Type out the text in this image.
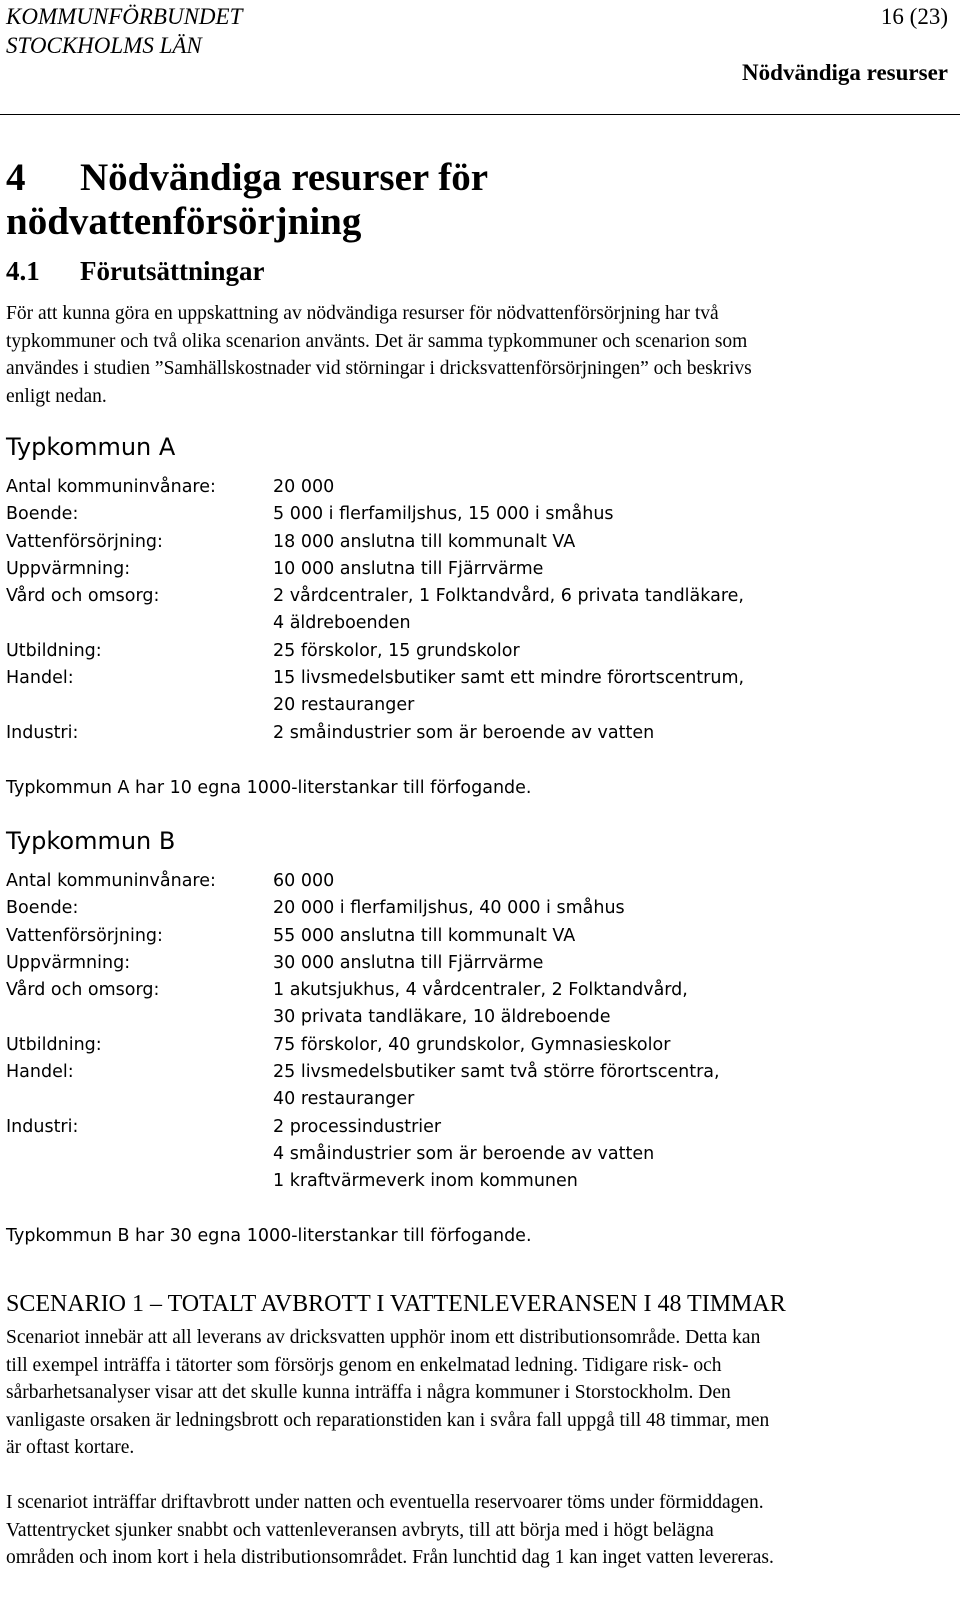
KOMMUNFÖRBUNDET
STOCKHOLMS LÄN
16 (23)
Nödvändiga resurser
4 Nödvändiga resurser för
nödvattenförsörjning
4.1 Förutsättningar

För att kunna göra en uppskattning av nödvändiga resurser för nödvattenförsörjning har två
typkommuner och två olika scenarion använts. Det är samma typkommuner och scenarion som
användes i studien ”Samhällskostnader vid störningar i dricksvattenförsörjningen” och beskrivs
enligt nedan.

Typkommun A
Antal kommuninvånare:	20 000
Boende:	5 000 i flerfamiljshus, 15 000 i småhus
Vattenförsörjning:	18 000 anslutna till kommunalt VA
Uppvärmning:	10 000 anslutna till Fjärrvärme
Vård och omsorg:	2 vårdcentraler, 1 Folktandvård, 6 privata tandläkare,
4 äldreboenden
Utbildning:	25 förskolor, 15 grundskolor
Handel:	15 livsmedelsbutiker samt ett mindre förortscentrum,
20 restauranger
Industri:	2 småindustrier som är beroende av vatten
Typkommun A har 10 egna 1000-literstankar till förfogande.
Typkommun B
Antal kommuninvånare:	60 000
Boende:	20 000 i flerfamiljshus, 40 000 i småhus
Vattenförsörjning:	55 000 anslutna till kommunalt VA
Uppvärmning:	30 000 anslutna till Fjärrvärme
Vård och omsorg:	1 akutsjukhus, 4 vårdcentraler, 2 Folktandvård,
30 privata tandläkare, 10 äldreboende
Utbildning:	75 förskolor, 40 grundskolor, Gymnasieskolor
Handel:	25 livsmedelsbutiker samt två större förortscentra,
40 restauranger
Industri:	2 processindustrier
4 småindustrier som är beroende av vatten
1 kraftvärmeverk inom kommunen
Typkommun B har 30 egna 1000-literstankar till förfogande.
SCENARIO 1 – TOTALT AVBROTT I VATTENLEVERANSEN I 48 TIMMAR

Scenariot innebär att all leverans av dricksvatten upphör inom ett distributionsområde. Detta kan
till exempel inträffa i tätorter som försörjs genom en enkelmatad ledning. Tidigare risk- och
sårbarhetsanalyser visar att det skulle kunna inträffa i några kommuner i Storstockholm. Den
vanligaste orsaken är ledningsbrott och reparationstiden kan i svåra fall uppgå till 48 timmar, men
är oftast kortare.

I scenariot inträffar driftavbrott under natten och eventuella reservoarer töms under förmiddagen.
Vattentrycket sjunker snabbt och vattenleveransen avbryts, till att börja med i högt belägna
områden och inom kort i hela distributionsområdet. Från lunchtid dag 1 kan inget vatten levereras.
